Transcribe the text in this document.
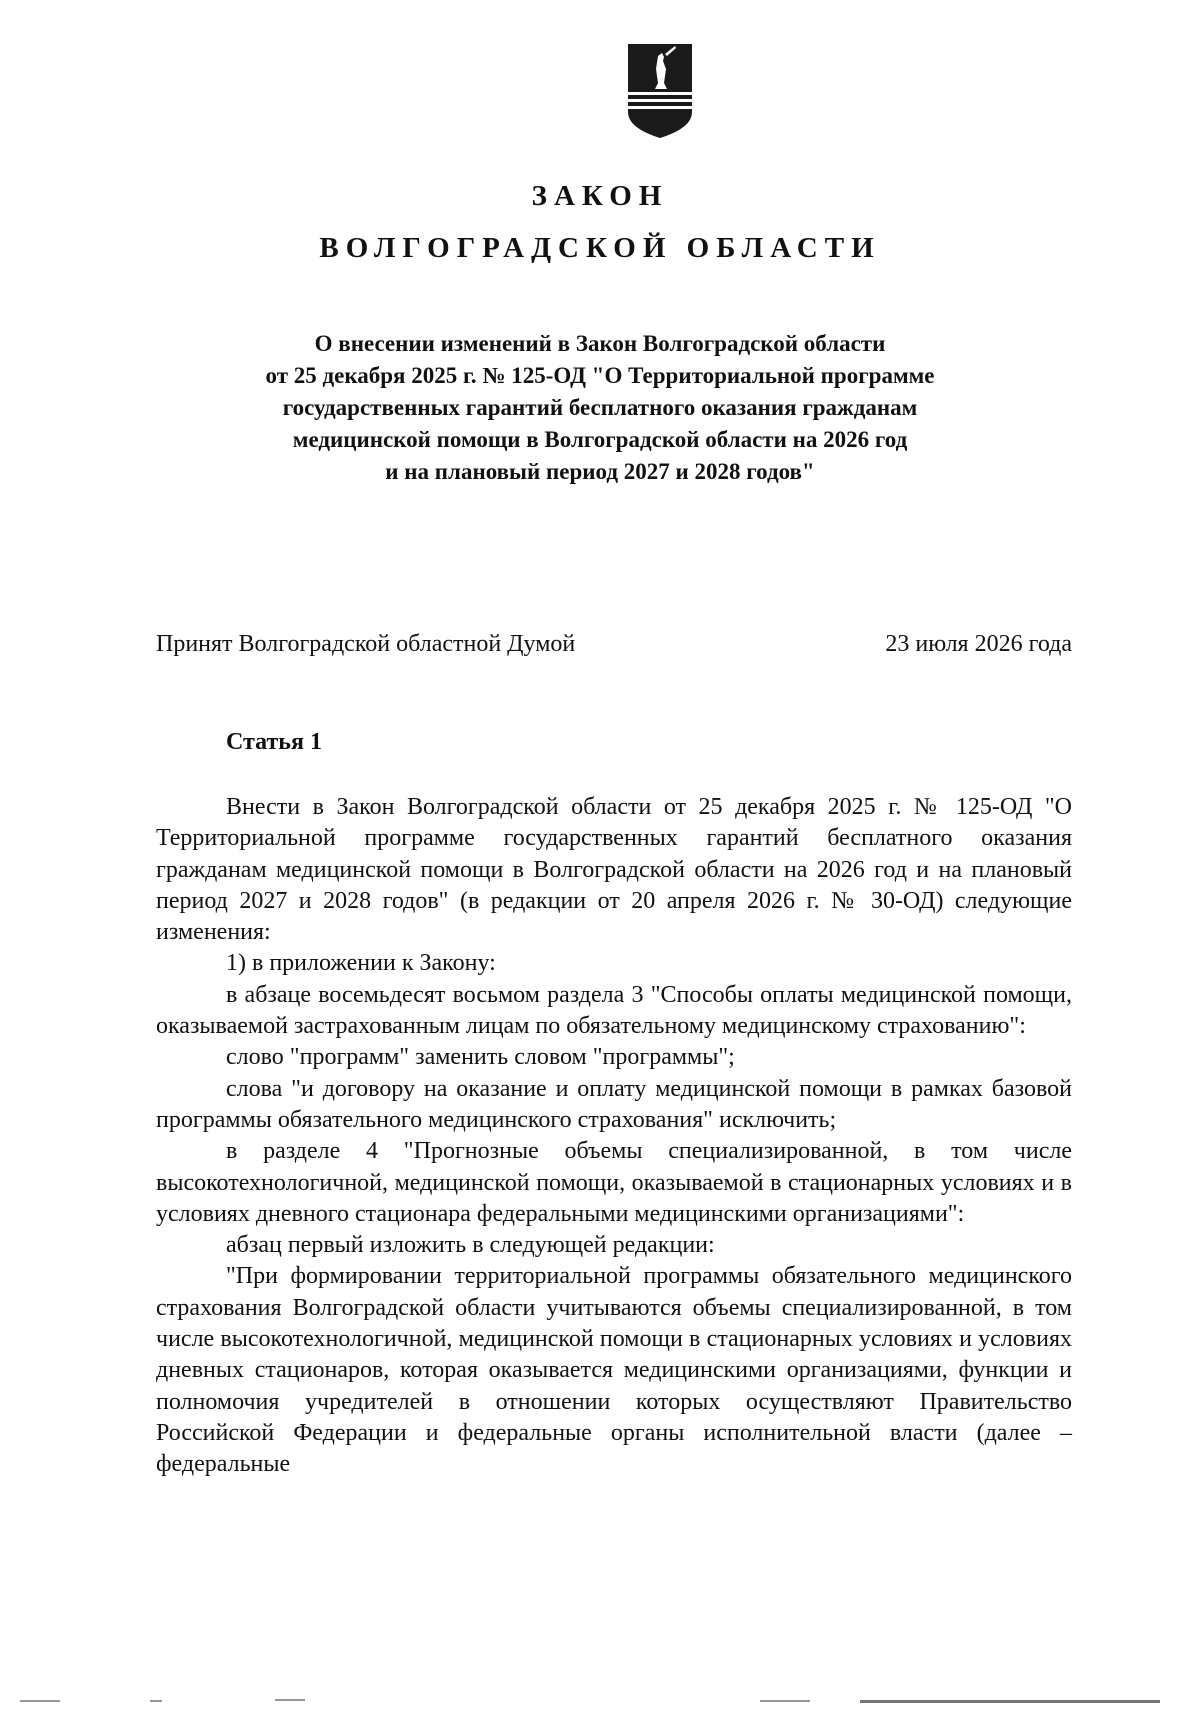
ЗАКОН
ВОЛГОГРАДСКОЙ ОБЛАСТИ
О внесении изменений в Закон Волгоградской области
от 25 декабря 2025 г. № 125-ОД "О Территориальной программе
государственных гарантий бесплатного оказания гражданам
медицинской помощи в Волгоградской области на 2026 год
и на плановый период 2027 и 2028 годов"
Принят Волгоградской областной Думой	23 июля 2026 года
Статья 1

Внести в Закон Волгоградской области от 25 декабря 2025 г. № 125-ОД "О Территориальной программе государственных гарантий бесплатного оказания гражданам медицинской помощи в Волгоградской области на 2026 год и на плановый период 2027 и 2028 годов" (в редакции от 20 апреля 2026 г. № 30-ОД) следующие изменения:

1) в приложении к Закону:

в абзаце восемьдесят восьмом раздела 3 "Способы оплаты медицинской помощи, оказываемой застрахованным лицам по обязательному медицинскому страхованию":

слово "программ" заменить словом "программы";

слова "и договору на оказание и оплату медицинской помощи в рамках базовой программы обязательного медицинского страхования" исключить;

в разделе 4 "Прогнозные объемы специализированной, в том числе высокотехнологичной, медицинской помощи, оказываемой в стационарных условиях и в условиях дневного стационара федеральными медицинскими организациями":

абзац первый изложить в следующей редакции:

"При формировании территориальной программы обязательного медицинского страхования Волгоградской области учитываются объемы специализированной, в том числе высокотехнологичной, медицинской помощи в стационарных условиях и условиях дневных стационаров, которая оказывается медицинскими организациями, функции и полномочия учредителей в отношении которых осуществляют Правительство Российской Федерации и федеральные органы исполнительной власти (далее – федеральные
